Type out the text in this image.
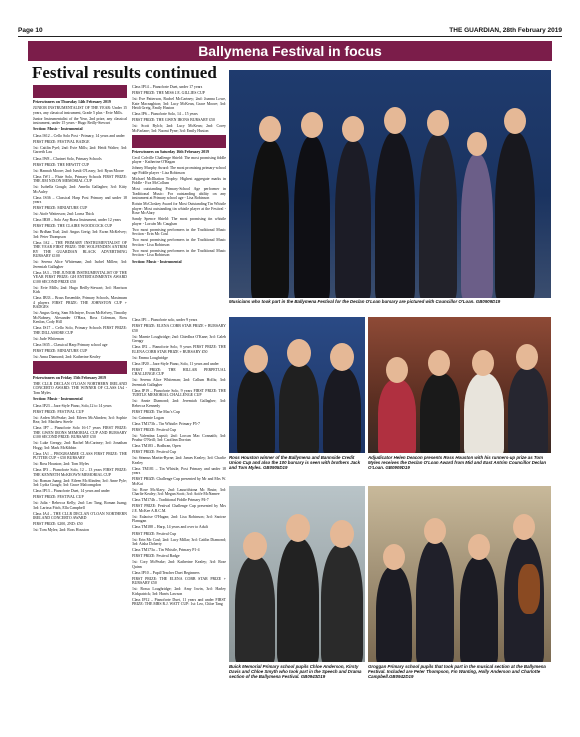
Page 10	THE GUARDIAN, 28th February 2019
Ballymena Festival in focus
Festival results continued

Prizewinners on Thursday 14th February 2019

JUNIOR INSTRUMENTALIST OF THE YEAR: Under 15 years, any classical instrument, Grade 5 plus - Evie Mills.

Junior Instrumentalist of the Year, 2nd prize, any classical instrument, under 15 years - Hugo Reilly-Stewart

Section: Music - Instrumental

Class IS12 – Cello Solo Post - Primary, 14 years and under

FIRST PRIZE: FESTIVAL BADGE

1st: Caitlin Pyel; 2nd: Evie Mills; 2nd: Heidi Walter; 3rd: Garreth Lau

Class IW8 – Clarinet Solo, Primary Schools

FIRST PRIZE: THE HEWITT CUP

1st: Hannah Moore; 2nd: Iseult O'Leary; 3rd: Ryan Moore

Class IW1 – Flute Solo, Primary Schools FIRST PRIZE: THE JIM NIXON MEMORIAL CUP

1st: Isobella Gough; 2nd: Amelia Gallagher; 3rd: Kitty McAuley

Class IS36 – Classical Harp Post Primary and under 18 years

FIRST PRIZE: MINIATURE CUP

1st: Aiofe Watterson; 2nd: Lorna Thick

Class IB38 – Solo Any Brass Instrument, under 12 years

FIRST PRIZE: THE CLAIRE WOODCOCK CUP

1st: Brdhan Toal; 2nd: Angus Greig; 3rd: Ewan McKelvey; 3rd: Peter Thompson

Class IA2 – THE PRIMARY INSTRUMENTALIST OF THE YEAR FIRST PRIZE: THE WOLFENDEN ANTRIM BY THE GUARDIAN BLACK ADVERTISING BURSARY £100

1st: Serena Alice Whiteman; 2nd: Isobel Millen; 3rd: Jeremiah Gallagher

Class IA3 – THE JUNIOR INSTRUMENTALIST OF THE YEAR FIRST PRIZE: GH ENTERTAINMENTS AWARD £100 SECOND PRIZE £50

1st: Evie Mills; 2nd: Hugo Reilly-Stewart; 3rd: Harrison Kirk

Class IB33 – Brass Ensemble, Primary Schools, Maximum 4 players FIRST PRIZE: THE JOHNSTON CUP + BADGES

1st: Angus Greig, Sam McIntyre, Ewan McKelvey, Timothy McNabney, Alexander O'Hara, Ross Coleman, Ross Kenlon, Cody Hill

Class IS17 – Cello Solo, Primary Schools FIRST PRIZE: THE DILLAMORE CUP

1st: Jude Whiteman

Class IS35 – Classical Harp Primary school age

FIRST PRIZE: MINIATURE CUP

1st: Anna Diamond; 2nd: Katherine Kealey

Prizewinners on Friday 15th February 2019

THE CLLR DECLAN O'LOAN NORTHERN IRELAND CONCERTO AWARD: THE WINNER OF CLASS IA4 - Tom Myles

Section: Music - Instrumental

Class IP23 – Jazz-Style Piano, Solo,12 to 14 years

FIRST PRIZE: FESTIVAL CUP

1st: Arden McPeake; 2nd: Eileen McAlinden; 3rd: Sophie Rea; 3rd: Matthew Steele

Class IP7 – Pianoforte Solo 16-17 years FIRST PRIZE: THE GWEN IRONS MEMORIAL CUP AND BURSARY £100 SECOND PRIZE: BURSARY £50

1st: Luke Greagy; 2nd: Rachel McCartney; 3rd: Jonathan Hogg; 3rd: Mark McKibbin

Class IA1 – PROGRAMME CLASS FIRST PRIZE: THE PUTTER CUP + £50 BURSARY

1st: Ross Houston; 2nd: Tom Myles

Class IP3 – Pianoforte Solo, 12 – 13 years FIRST PRIZE: THE KENNETH McKEOWN MEMORIAL CUP

1st: Roman Juang; 2nd: Eileen McAlinden; 3rd: Anne Pyle; 3rd: Lydia Gough; 3rd: Grace Malcomgdon

Class IP13 – Pianoforte Duet, 14 years and under

FIRST PRIZE: FESTIVAL CUP

1st: Julia - Rebecca Kelly; 2nd: Leo Tang, Roman Juang; 3rd: Larissa Fitch, Ella Campbell

Class IA4 – THE CLLR DECLAN O'LOAN NORTHERN IRELAND CONCERTO AWARD

FIRST PRIZE: £200, 2ND: £50

1st: Tom Myles; 2nd: Ross Houston

Class IP14 – Pianoforte Duet, under 17 years

FIRST PRIZE: THE MISS J.E. GILLIES CUP

1st: Eve Patterson, Rachel McCartney; 2nd: Joanna Lowe, Kate Macnaghton; 3rd: Lucy McKean, Grace Moore; 3rd: Heidi Greig, Emily Huston

Class IP6 – Pianoforte Solo, 14 – 15 years

FIRST PRIZE: THE GWEN IRONS BURSARY £50

1st: Scott Bylch; 2nd: Lucy McKean; 2nd: Corey McFarlane; 3rd: Naomi Pyne; 3rd: Emily Huston

Prizewinners on Saturday 16th February 2019

Cecil Colville Challenge Shield: The most promising fiddle player - Katherine O'Hagan

Johnny Murphy Award: The most promising primary-school age Fiddle player - Lisa Robinson

Michael McIlhatton Trophy: Highest aggregate marks in Fiddle - Eva McCollum

Most outstanding Primary-School Age performer in Traditional Music: For outstanding ability on any instrument at Primary school age - Lisa Robinson

Roisin McCloskey Award for Most Outstanding Tin Whistle player: Most outstanding tin whistle player at the Festival - Rose McAlary

Sandy Spence Shield: The most promising tin whistle player - Lorcán Mc Caughan

Two most promising performers in the Traditional Music Section - Erin Mc Coul

Two most promising performers in the Traditional Music Section - Lisa Robinson

Two most promising performers in the Traditional Music Section - Lisa Robinson

Section: Music - Instrumental

Class IP1 – Pianoforte solo, under 9 years

FIRST PRIZE: ELENA COBB STAR PRIZE + BURSARY £50

1st: Marnie Loughridge; 2nd: Chiedhra O'Kane; 3rd: Caleb Greagy

Class IP2 – Pianoforte Solo, 9 years FIRST PRIZE: THE ELENA COBB STAR PRIZE + BURSARY £50

1st: Emma Loughridge

Class IP20 – Jazz-Style Piano, Solo, 11 years and under

FIRST PRIZE: THE HILLAR PERPETUAL CHALLENGE CUP

1st: Serena Alice Whiteman; 2nd: Callum Hollis; 3rd: Jeremiah Gallagher

Class IP19 – Pianoforte Solo, 9 years FIRST PRIZE: THE TURTLE MEMORIAL CHALLENGE CUP

1st: Annie Diamond; 2nd: Jeremiah Gallagher; 3rd: Rebecca Kennedy

FIRST PRIZE: The Mac's Cup

1st: Caimmie Logan

Class TM173h – Tin Whistle: Primary P5-7

FIRST PRIZE: Festival Cup

1st: Valentina Lupsić; 2nd: Lorcan Mac Connaith; 3rd: Prudur O'Neill; 3rd: Caoilinn Dorrian

Class TM183 – Bodhran, Open

FIRST PRIZE: Festival Cup

1st: Séamus Martin-Byrne; 2nd: James Kealey; 3rd: Charlie Kealey

Class TM181 – Tin Whistle, Post Primary and under 18 years

FIRST PRIZE: Challenge Cup presented by Mr and Mrs W. McKai

1st: Rose McAlary; 2nd: Lauurithiona Mc Bruin; 3rd: Charlie Kealey; 3rd: Megan Scott; 3rd: Aoife McNamee

Class TM174b – Traditional Fiddle Primary P4-7

FIRST PRIZE: Festival Challenge Cup presented by Mrs J.E. McKee A.R.C.M.

1st: Ealaoise O'Hagan; 2nd: Lisa Robinson; 3rd: Saoirse Flanagan

Class TM188 – Harp, 14 years and over to Adult

FIRST PRIZE: Festival Cup

1st: Erin Mc Coul; 2nd: Lucy Millar; 3rd: Caitlin Diamond; 3rd: Aisha Doherty

Class TM173a – Tin Whistle, Primary P1-4

FIRST PRIZE: Festival Badge

1st: Cory McPeake; 2nd: Katherine Kealey; 3rd: Rose Quinn

Class IP10 – Pupil/Teacher Duet Beginners

FIRST PRIZE: THE ELENA COBB STAR PRIZE + BURSARY £50

1st: Rossa Loughridge; 2nd: Amy Irwin, 3rd: Harley Kirkpatrick; 3rd: Harris Lawson

Class IP12 – Pianoforte Duet, 11 years and under FIRST PRIZE: THE MRS R.J. WATT CUP: 1st: Leo, Chloe Tang

Musicians who took part in the Ballymena Festival for the Declan O'Loan bursary are pictured with Councillor O'Loan. GB0909D19
Ross Houston winner of the Ballymena and Bannside Credit Union Cup and also the 100 bursary is seen with brothers Jack and Tom Myles. GB0905D19
Adjudicator Helen Deacon presents Ross Houston with his runners-up prize as Tom Myles receives the Declan O'Loan Award from Mid and East Antrim Councillor Declan O'Loan. GB0909D19
Buick Memorial Primary school pupils Chloe Anderson, Kirsty Davis and Chloe Smyth who took part in the Speech and Drama section of the Ballymena Festival. GB0943D19
Groggan Primary school pupils that took part in the musical section at the Ballymena Festival. Included are Peter Thompson, Fin Wanting, Holly Anderson and Charlotte Campbell.GB0942D19
